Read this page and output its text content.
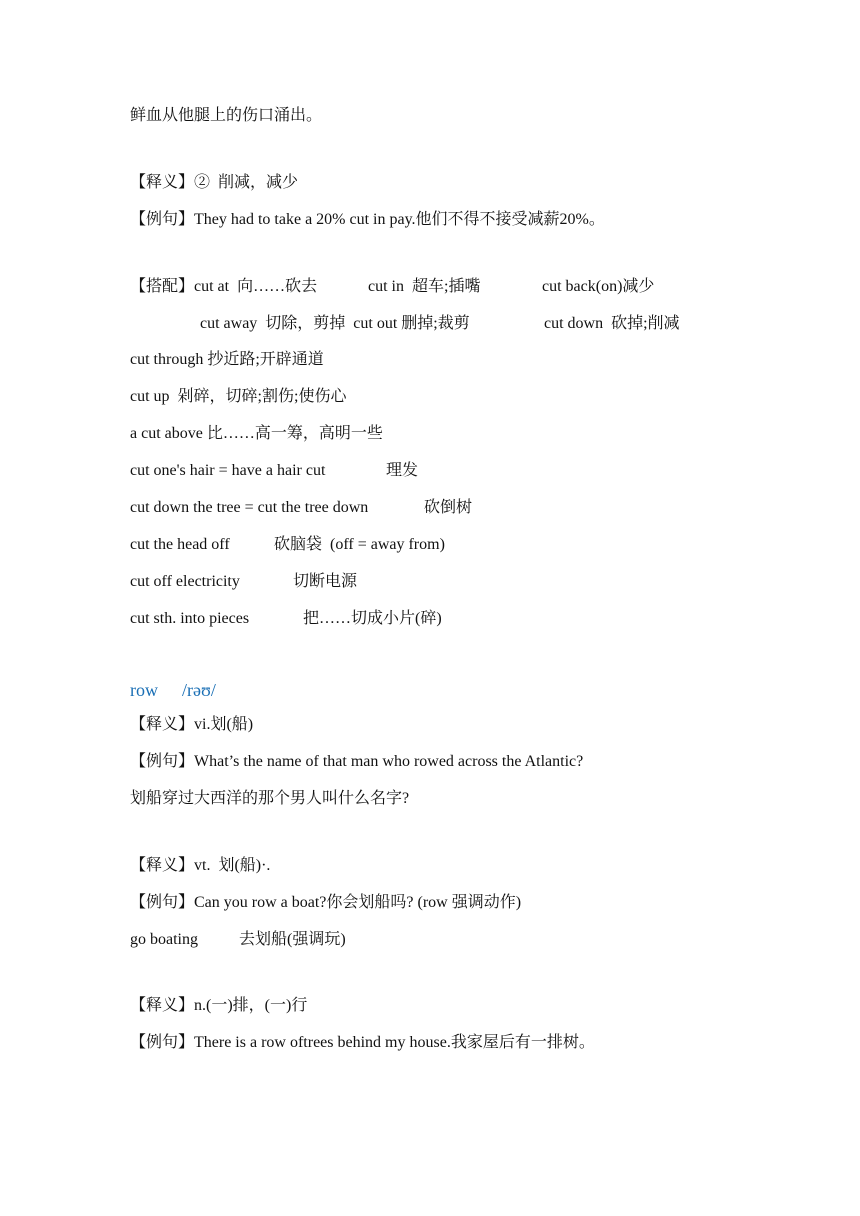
鲜血从他腿上的伤口涌出。
【释义】②  削减，减少
【例句】They had to take a 20% cut in pay.他们不得不接受减薪20%。
【搭配】cut at  向……砍去	cut in  超车;插嘴	cut back(on)减少
cut away  切除，剪掉  cut out 删掉;裁剪	cut down  砍掉;削减
cut through 抄近路;开辟通道
cut up  剁碎，切碎;割伤;使伤心
a cut above 比……高一筹，高明一些
cut one's hair = have a hair cut	理发
cut down the tree = cut the tree down	砍倒树
cut the head off	砍脑袋  (off = away from)
cut off electricity	切断电源
cut sth. into pieces	把……切成小片(碎)
row /rəʊ/
【释义】vi.划(船)
【例句】What’s the name of that man who rowed across the Atlantic?
划船穿过大西洋的那个男人叫什么名字?
【释义】vt.  划(船)·.
【例句】Can you row a boat?你会划船吗? (row 强调动作)
go boating	去划船(强调玩)
【释义】n.(一)排，(一)行
【例句】There is a row oftrees behind my house.我家屋后有一排树。
